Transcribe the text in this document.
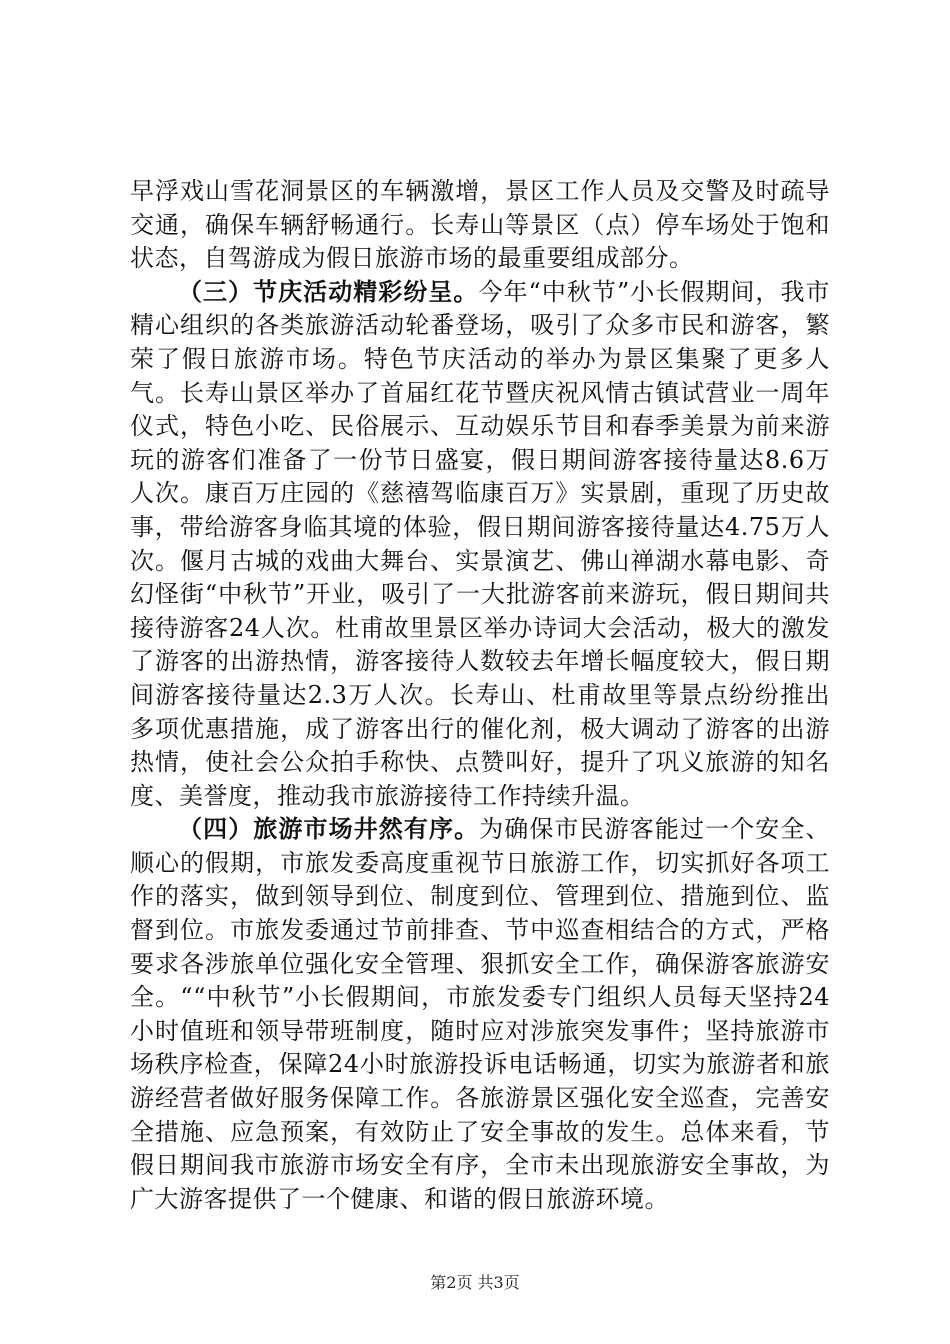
早浮戏山雪花洞景区的车辆激增，景区工作人员及交警及时疏导交通，确保车辆舒畅通行。长寿山等景区（点）停车场处于饱和状态，自驾游成为假日旅游市场的最重要组成部分。

（三）节庆活动精彩纷呈。今年“中秋节”小长假期间，我市精心组织的各类旅游活动轮番登场，吸引了众多市民和游客，繁荣了假日旅游市场。特色节庆活动的举办为景区集聚了更多人气。长寿山景区举办了首届红花节暨庆祝风情古镇试营业一周年仪式，特色小吃、民俗展示、互动娱乐节目和春季美景为前来游玩的游客们准备了一份节日盛宴，假日期间游客接待量达8.6万人次。康百万庄园的《慈禧驾临康百万》实景剧，重现了历史故事，带给游客身临其境的体验，假日期间游客接待量达4.75万人次。偃月古城的戏曲大舞台、实景演艺、佛山禅湖水幕电影、奇幻怪街“中秋节”开业，吸引了一大批游客前来游玩，假日期间共接待游客24人次。杜甫故里景区举办诗词大会活动，极大的激发了游客的出游热情，游客接待人数较去年增长幅度较大，假日期间游客接待量达2.3万人次。长寿山、杜甫故里等景点纷纷推出多项优惠措施，成了游客出行的催化剂，极大调动了游客的出游热情，使社会公众拍手称快、点赞叫好，提升了巩义旅游的知名度、美誉度，推动我市旅游接待工作持续升温。

（四）旅游市场井然有序。为确保市民游客能过一个安全、顺心的假期，市旅发委高度重视节日旅游工作，切实抓好各项工作的落实，做到领导到位、制度到位、管理到位、措施到位、监督到位。市旅发委通过节前排查、节中巡查相结合的方式，严格要求各涉旅单位强化安全管理、狠抓安全工作，确保游客旅游安全。““中秋节”小长假期间，市旅发委专门组织人员每天坚持24小时值班和领导带班制度，随时应对涉旅突发事件；坚持旅游市场秩序检查，保障24小时旅游投诉电话畅通，切实为旅游者和旅游经营者做好服务保障工作。各旅游景区强化安全巡查，完善安全措施、应急预案，有效防止了安全事故的发生。总体来看，节假日期间我市旅游市场安全有序，全市未出现旅游安全事故，为广大游客提供了一个健康、和谐的假日旅游环境。

第2页 共3页
